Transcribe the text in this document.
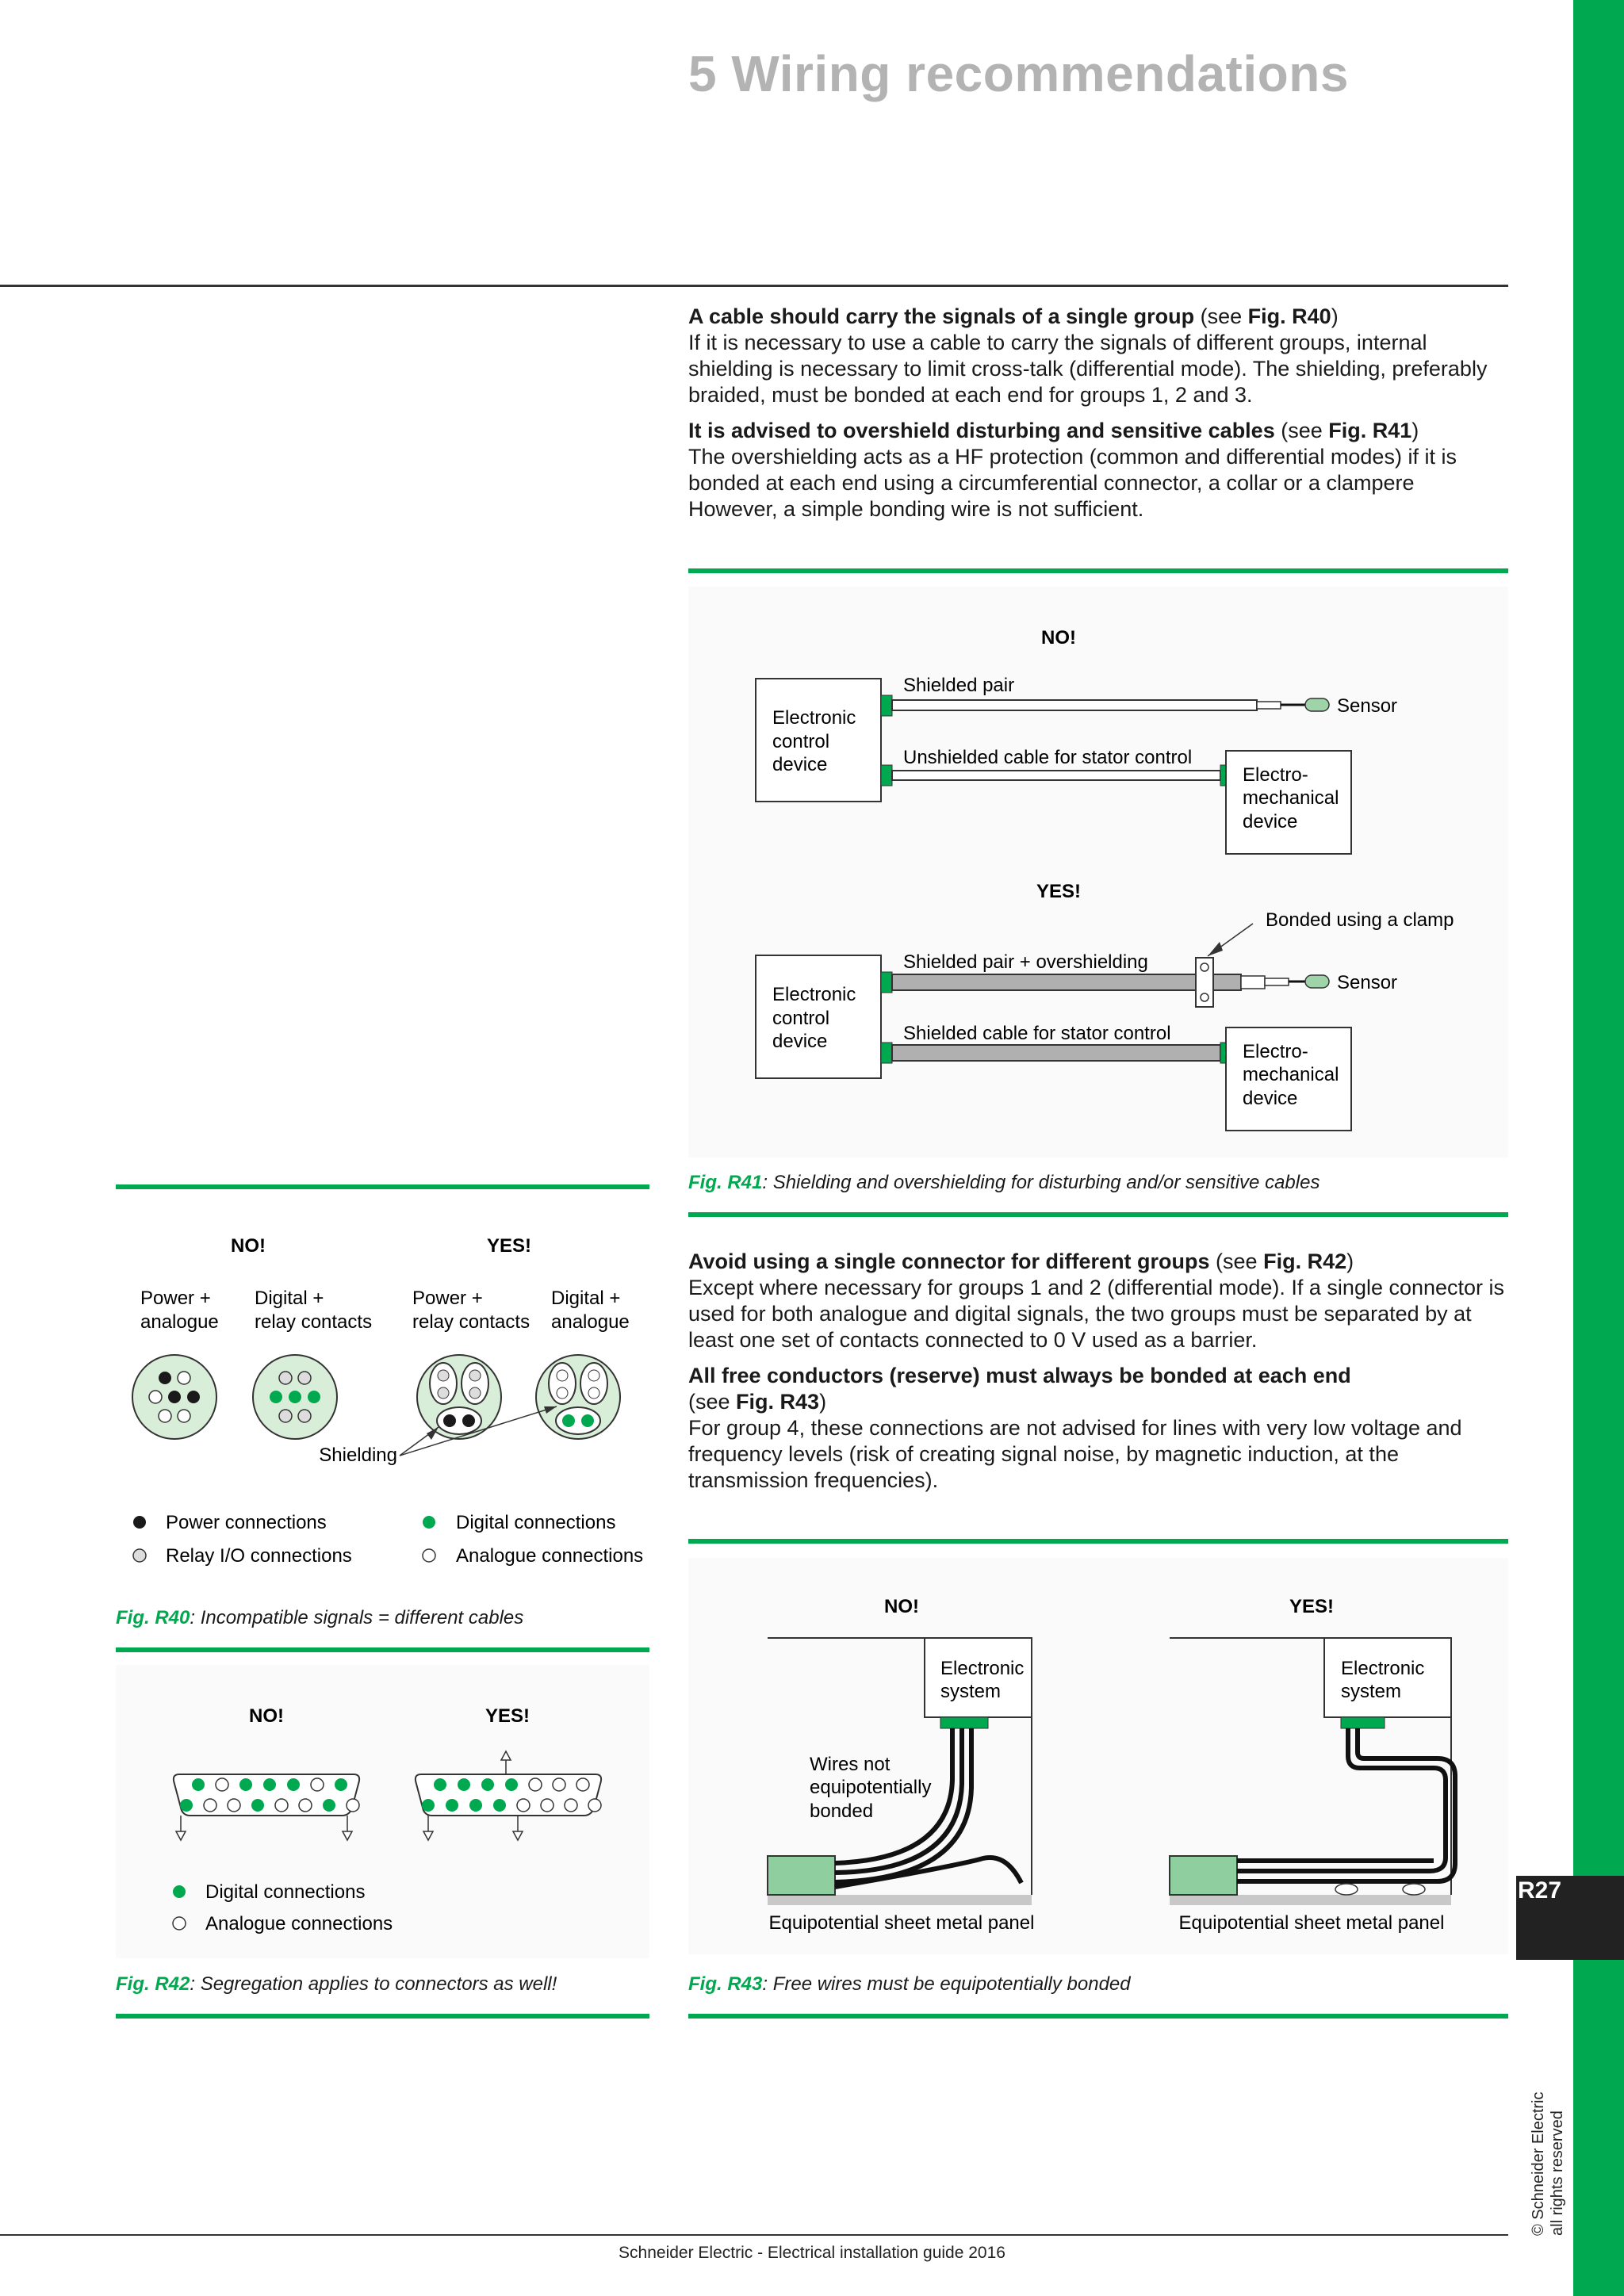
5 Wiring recommendations
R27
© Schneider Electric all rights reserved

A cable should carry the signals of a single group (see Fig. R40)
If it is necessary to use a cable to carry the signals of different groups, internal shielding is necessary to limit cross-talk (differential mode). The shielding, preferably braided, must be bonded at each end for groups 1, 2 and 3.

It is advised to overshield disturbing and sensitive cables (see Fig. R41)
The overshielding acts as a HF protection (common and differential modes) if it is bonded at each end using a circumferential connector, a collar or a clampere However, a simple bonding wire is not sufficient.

NO!
Electronic
control
device
Sensor
Shielded pair
Unshielded cable for stator control
Electro-
mechanical
device
YES!
Electronic
control
device
Sensor
Shielded pair + overshielding
Bonded using a clamp
Shielded cable for stator control
Electro-
mechanical
device
Fig. R41: Shielding and overshielding for disturbing and/or sensitive cables

Avoid using a single connector for different groups (see Fig. R42)
Except where necessary for groups 1 and 2 (differential mode). If a single connector is used for both analogue and digital signals, the two groups must be separated by at least one set of contacts connected to 0 V used as a barrier.

All free conductors (reserve) must always be bonded at each end
(see Fig. R43)
For group 4, these connections are not advised for lines with very low voltage and frequency levels (risk of creating signal noise, by magnetic induction, at the transmission frequencies).

NO!	YES!
Power +
analogue
Digital +
relay contacts
Power +
relay contacts
Digital +
analogue
Shielding
Power connections
Relay I/O connections
Digital connections
Analogue connections
Fig. R40: Incompatible signals = different cables
NO!	YES!
Digital connections
Analogue connections
Fig. R42: Segregation applies to connectors as well!
NO!	YES!
Electronic
system
Wires not
equipotentially
bonded
Equipotential sheet metal panel
Electronic
system
Equipotential sheet metal panel
Fig. R43: Free wires must be equipotentially bonded
Schneider Electric - Electrical installation guide 2016
